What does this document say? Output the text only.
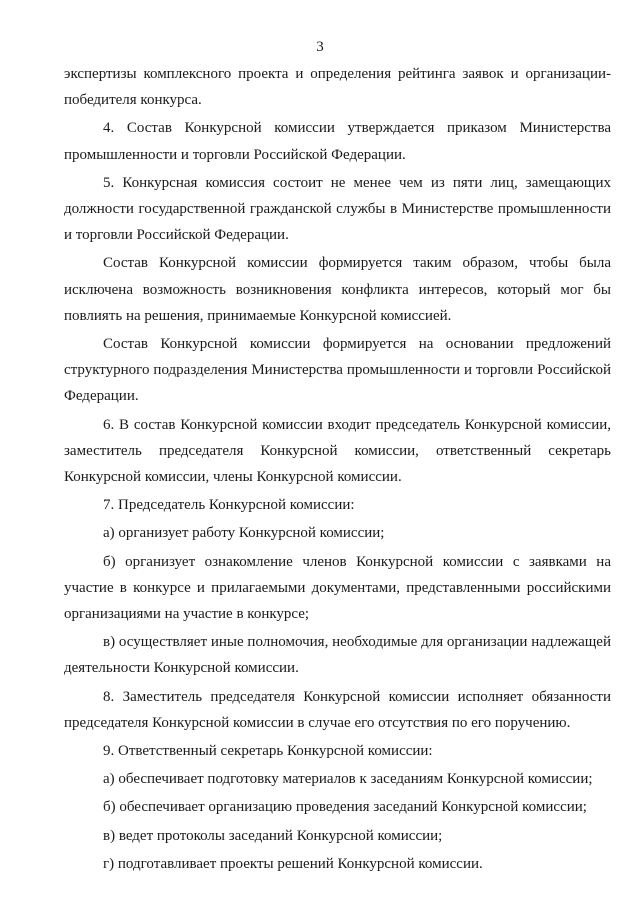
3

экспертизы комплексного проекта и определения рейтинга заявок и организации-победителя конкурса.

4. Состав Конкурсной комиссии утверждается приказом Министерства промышленности и торговли Российской Федерации.

5. Конкурсная комиссия состоит не менее чем из пяти лиц, замещающих должности государственной гражданской службы в Министерстве промышленности и торговли Российской Федерации.

Состав Конкурсной комиссии формируется таким образом, чтобы была исключена возможность возникновения конфликта интересов, который мог бы повлиять на решения, принимаемые Конкурсной комиссией.

Состав Конкурсной комиссии формируется на основании предложений структурного подразделения Министерства промышленности и торговли Российской Федерации.

6. В состав Конкурсной комиссии входит председатель Конкурсной комиссии, заместитель председателя Конкурсной комиссии, ответственный секретарь Конкурсной комиссии, члены Конкурсной комиссии.

7. Председатель Конкурсной комиссии:

а) организует работу Конкурсной комиссии;

б) организует ознакомление членов Конкурсной комиссии с заявками на участие в конкурсе и прилагаемыми документами, представленными российскими организациями на участие в конкурсе;

в) осуществляет иные полномочия, необходимые для организации надлежащей деятельности Конкурсной комиссии.

8. Заместитель председателя Конкурсной комиссии исполняет обязанности председателя Конкурсной комиссии в случае его отсутствия по его поручению.

9. Ответственный секретарь Конкурсной комиссии:

а) обеспечивает подготовку материалов к заседаниям Конкурсной комиссии;

б) обеспечивает организацию проведения заседаний Конкурсной комиссии;

в) ведет протоколы заседаний Конкурсной комиссии;

г) подготавливает проекты решений Конкурсной комиссии.
